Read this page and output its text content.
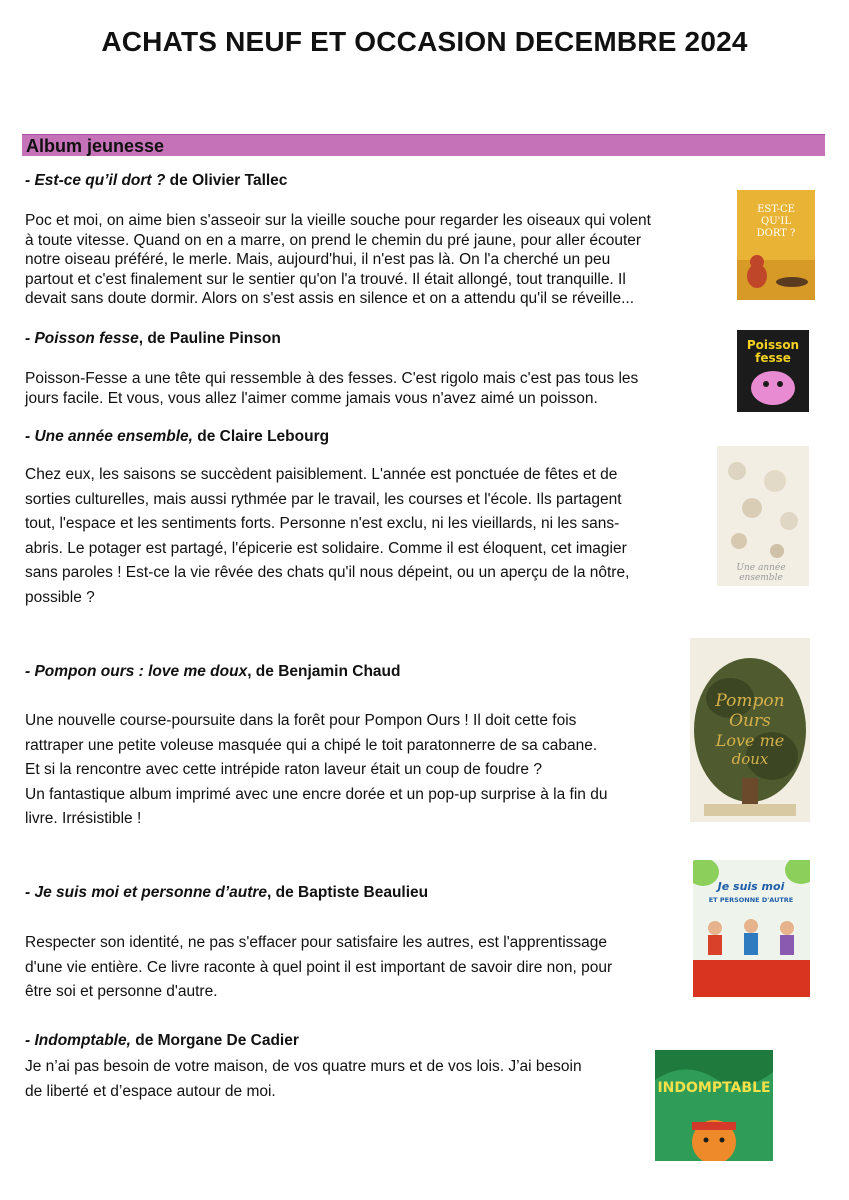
ACHATS NEUF ET OCCASION DECEMBRE 2024
Album jeunesse

- Est-ce qu’il dort ? de Olivier Tallec

Poc et moi, on aime bien s'asseoir sur la vieille souche pour regarder les oiseaux qui volent
à toute vitesse. Quand on en a marre, on prend le chemin du pré jaune, pour aller écouter
notre oiseau préféré, le merle. Mais, aujourd'hui, il n'est pas là. On l'a cherché un peu
partout et c'est finalement sur le sentier qu'on l'a trouvé. Il était allongé, tout tranquille. Il
devait sans doute dormir. Alors on s'est assis en silence et on a attendu qu'il se réveille...
EST-CE
QU'IL
DORT ?

- Poisson fesse, de Pauline Pinson

Poisson-Fesse a une tête qui ressemble à des fesses. C'est rigolo mais c'est pas tous les
jours facile. Et vous, vous allez l'aimer comme jamais vous n'avez aimé un poisson.
Poisson
fesse

- Une année ensemble, de Claire Lebourg

Chez eux, les saisons se succèdent paisiblement. L'année est ponctuée de fêtes et de
sorties culturelles, mais aussi rythmée par le travail, les courses et l'école. Ils partagent
tout, l'espace et les sentiments forts. Personne n'est exclu, ni les vieillards, ni les sans-
abris. Le potager est partagé, l'épicerie est solidaire. Comme il est éloquent, cet imagier
sans paroles ! Est-ce la vie rêvée des chats qu'il nous dépeint, ou un aperçu de la nôtre,
possible ?
Une année
ensemble

- Pompon ours : love me doux, de Benjamin Chaud

Une nouvelle course-poursuite dans la forêt pour Pompon Ours ! Il doit cette fois
rattraper une petite voleuse masquée qui a chipé le toit paratonnerre de sa cabane.
Et si la rencontre avec cette intrépide raton laveur était un coup de foudre ?
Un fantastique album imprimé avec une encre dorée et un pop-up surprise à la fin du
livre. Irrésistible !
Pompon
Ours
Love me
doux

- Je suis moi et personne d’autre, de Baptiste Beaulieu

Respecter son identité, ne pas s'effacer pour satisfaire les autres, est l'apprentissage
d'une vie entière. Ce livre raconte à quel point il est important de savoir dire non, pour
être soi et personne d'autre.
Je suis moi
ET PERSONNE D'AUTRE

- Indomptable, de Morgane De Cadier

Je n’ai pas besoin de votre maison, de vos quatre murs et de vos lois. J’ai besoin
de liberté et d’espace autour de moi.	INDOMPTABLE
